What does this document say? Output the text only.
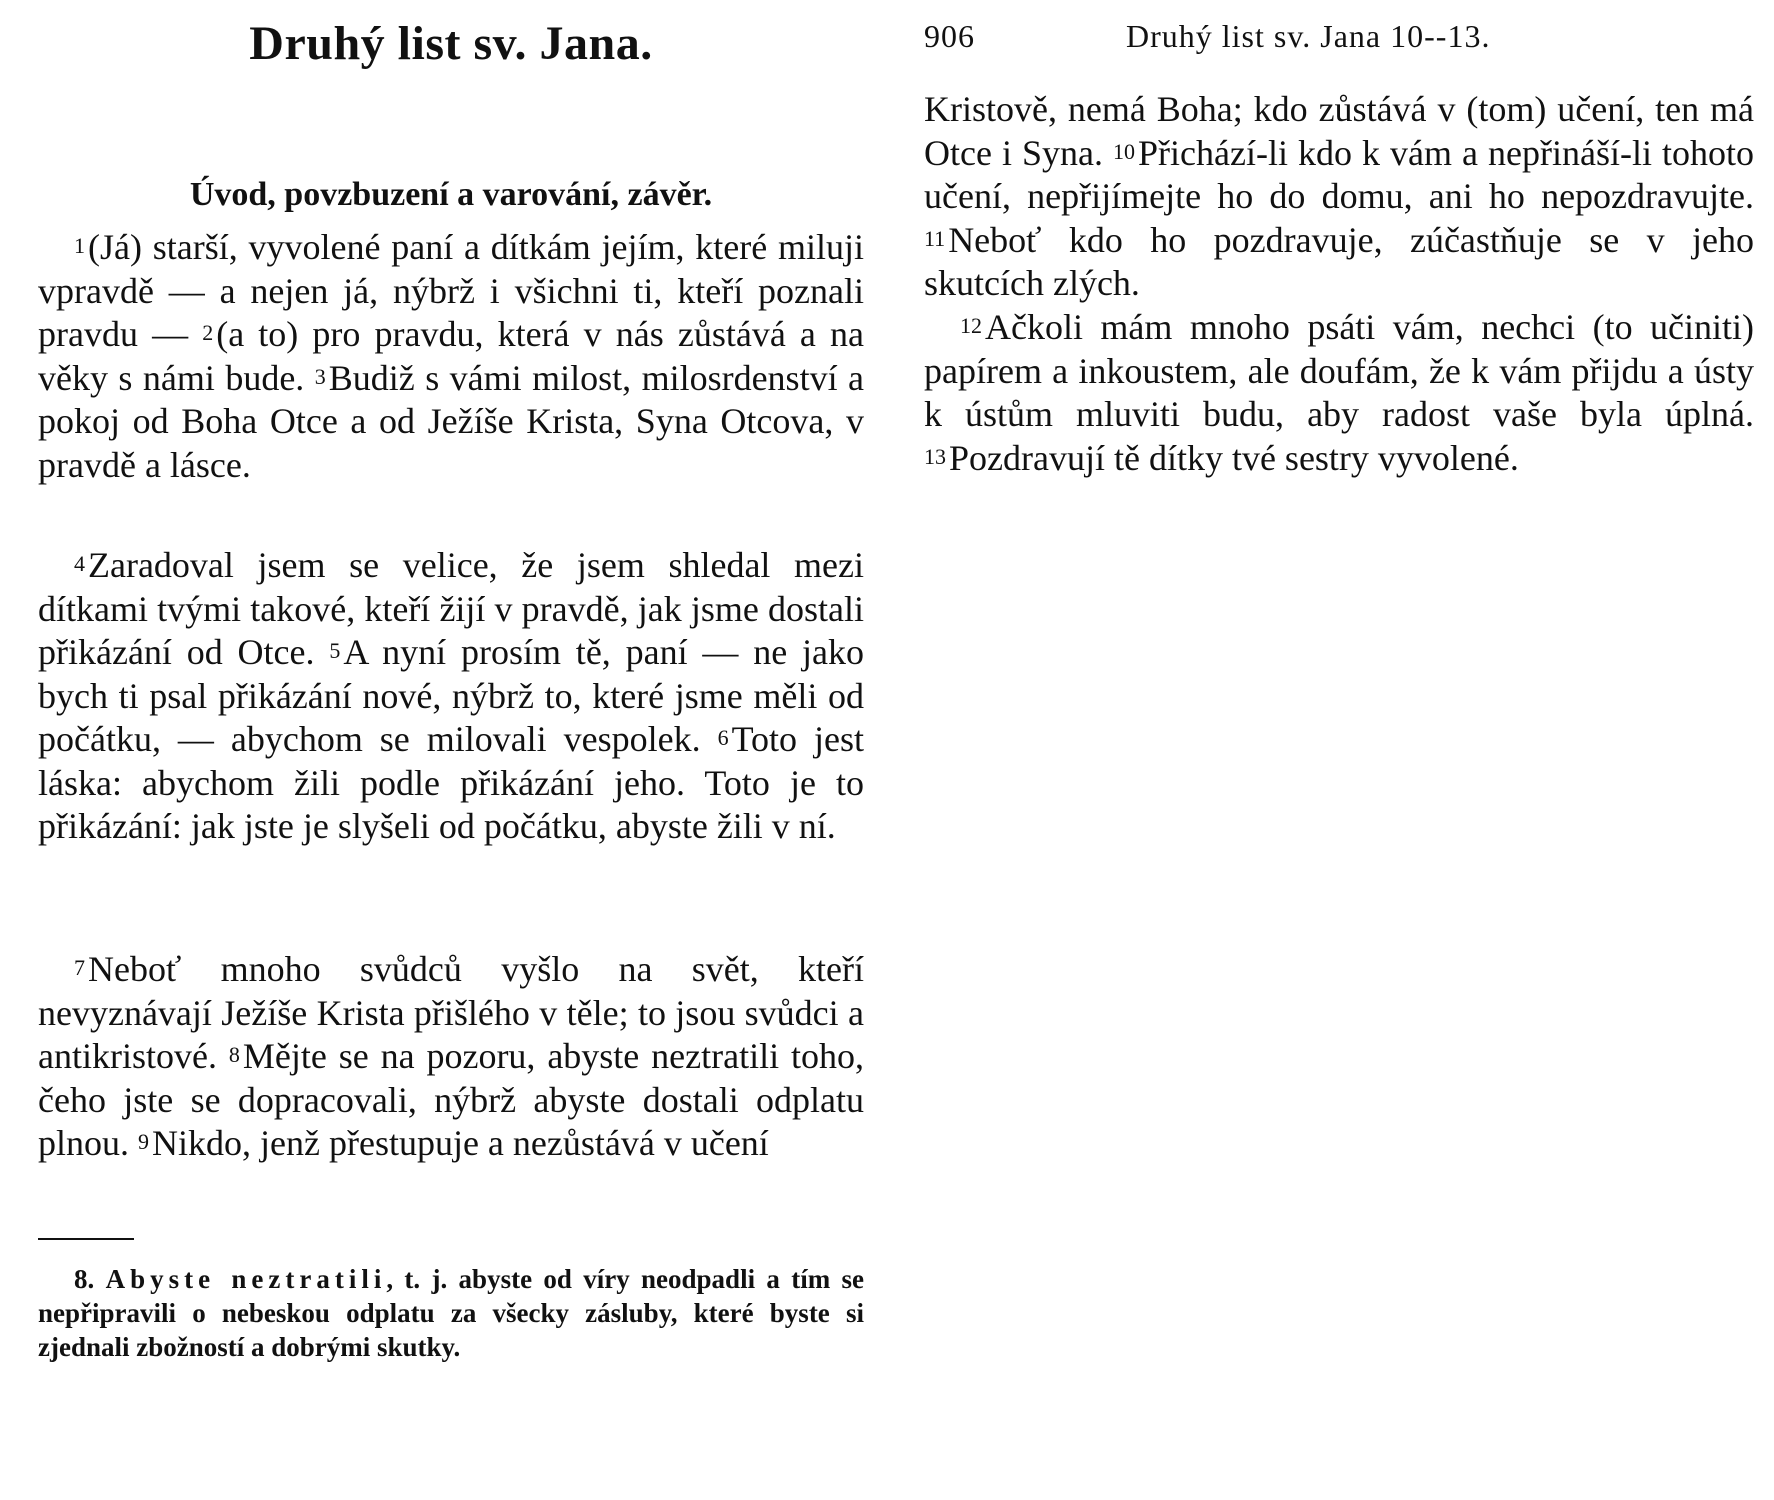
Druhý list sv. Jana.
Úvod, povzbuzení a varování, závěr.

$^1$(Já) starší, vyvolené paní a dítkám jejím, které miluji vpravdě — a nejen já, nýbrž i všichni ti, kteří poznali pravdu — $^2$(a to) pro pravdu, která v nás zůstává a na věky s námi bude. $^3$Budiž s vámi milost, milosrdenství a pokoj od Boha Otce a od Ježíše Krista, Syna Otcova, v pravdě a lásce.

$^4$Zaradoval jsem se velice, že jsem shledal mezi dítkami tvými takové, kteří žijí v pravdě, jak jsme dostali přikázání od Otce. $^5$A nyní prosím tě, paní — ne jako bych ti psal přikázání nové, nýbrž to, které jsme měli od počátku, — abychom se milovali vespolek. $^6$Toto jest láska: abychom žili podle přikázání jeho. Toto je to přikázání: jak jste je slyšeli od počátku, abyste žili v ní.

$^7$Neboť mnoho svůdců vyšlo na svět, kteří nevyznávají Ježíše Krista přišlého v těle; to jsou svůdci a antikristové. $^8$Mějte se na pozoru, abyste neztratili toho, čeho jste se dopracovali, nýbrž abyste dostali odplatu plnou. $^9$Nikdo, jenž přestupuje a nezůstává v učení

8. Abyste neztratili, t. j. abyste od víry neodpadli a tím se nepřipravili o nebeskou odplatu za všecky zásluby, které byste si zjednali zbožností a dobrými skutky.

906	Druhý list sv. Jana 10--13.

Kristově, nemá Boha; kdo zůstává v (tom) učení, ten má Otce i Syna. $^{10}$Přichází-li kdo k vám a nepřináší-li tohoto učení, nepřijímejte ho do domu, ani ho nepozdravujte. $^{11}$Neboť kdo ho pozdravuje, zúčastňuje se v jeho skutcích zlých.

$^{12}$Ačkoli mám mnoho psáti vám, nechci (to učiniti) papírem a inkoustem, ale doufám, že k vám přijdu a ústy k ústům mluviti budu, aby radost vaše byla úplná. $^{13}$Pozdravují tě dítky tvé sestry vyvolené.
